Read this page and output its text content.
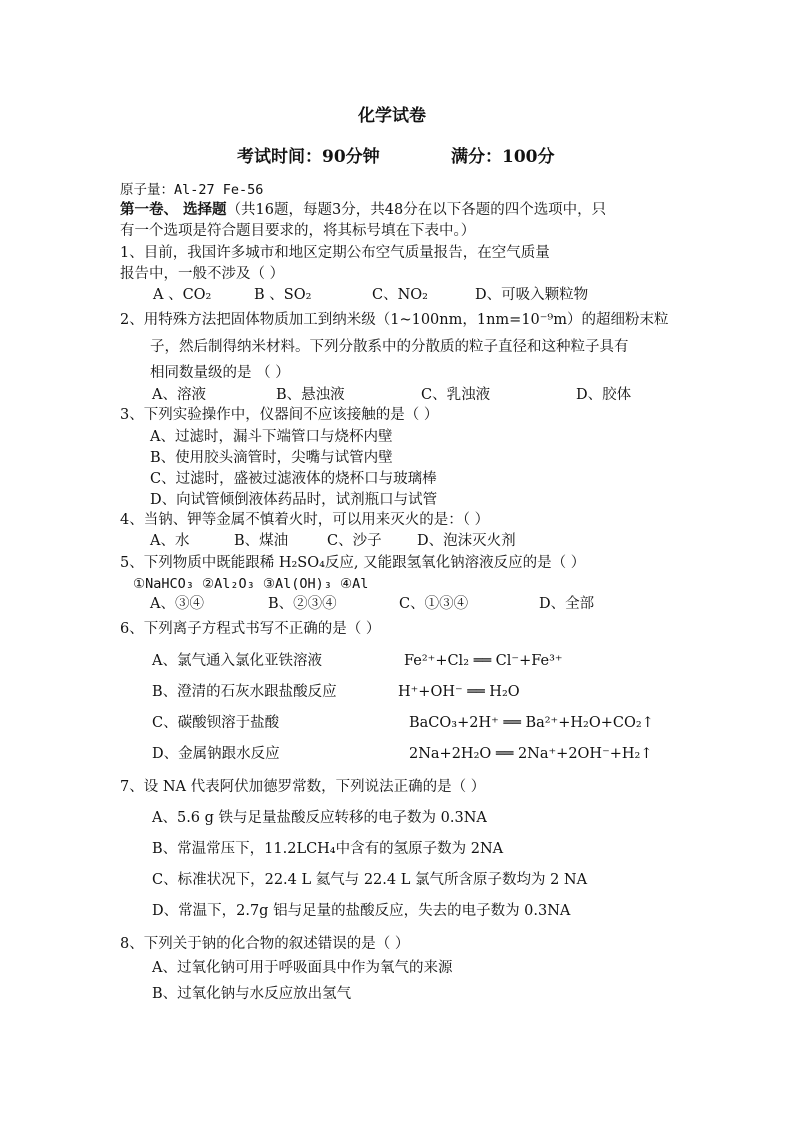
化学试卷
考试时间：90分钟	满分：100分
原子量：Al-27 Fe-56
第一卷、 选择题（共16题，每题3分，共48分在以下各题的四个选项中，只
有一个选项是符合题目要求的，将其标号填在下表中。）
1、目前，我国许多城市和地区定期公布空气质量报告，在空气质量
报告中，一般不涉及（ ）
A 、CO₂	B 、SO₂	C、NO₂	D、可吸入颗粒物
2、用特殊方法把固体物质加工到纳米级（1~100nm，1nm=10⁻⁹m）的超细粉末粒
子，然后制得纳米材料。下列分散系中的分散质的粒子直径和这种粒子具有
相同数量级的是 （ ）
A、溶液	B、悬浊液	C、乳浊液	D、胶体
3、下列实验操作中，仪器间不应该接触的是（ ）
A、过滤时，漏斗下端管口与烧杯内壁
B、使用胶头滴管时，尖嘴与试管内壁
C、过滤时，盛被过滤液体的烧杯口与玻璃棒
D、向试管倾倒液体药品时，试剂瓶口与试管
4、当钠、钾等金属不慎着火时，可以用来灭火的是：（ ）
A、水	B、煤油	C、沙子 D、泡沫灭火剂
5、下列物质中既能跟稀 H₂SO₄反应, 又能跟氢氧化钠溶液反应的是（ ）
①NaHCO₃ ②Al₂O₃ ③Al(OH)₃ ④Al
A、③④	B、②③④	C、①③④	D、全部
6、下列离子方程式书写不正确的是（ ）
A、氯气通入氯化亚铁溶液	Fe²⁺+Cl₂ ══ Cl⁻+Fe³⁺
B、澄清的石灰水跟盐酸反应	H⁺+OH⁻ ══ H₂O
C、碳酸钡溶于盐酸	BaCO₃+2H⁺ ══ Ba²⁺+H₂O+CO₂↑
D、金属钠跟水反应	2Na+2H₂O ══ 2Na⁺+2OH⁻+H₂↑
7、设 NA 代表阿伏加德罗常数，下列说法正确的是（ ）
A、5.6 g 铁与足量盐酸反应转移的电子数为 0.3NA
B、常温常压下，11.2LCH₄中含有的氢原子数为 2NA
C、标准状况下，22.4 L 氦气与 22.4 L 氯气所含原子数均为 2 NA
D、常温下，2.7g 铝与足量的盐酸反应，失去的电子数为 0.3NA
8、下列关于钠的化合物的叙述错误的是（ ）
A、过氧化钠可用于呼吸面具中作为氧气的来源
B、过氧化钠与水反应放出氢气
